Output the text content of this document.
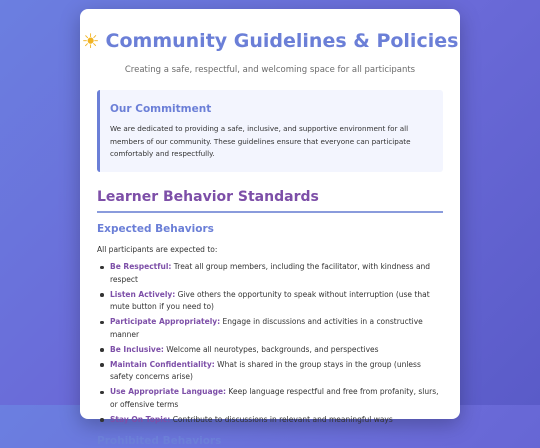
☀ Community Guidelines & Policies
Creating a safe, respectful, and welcoming space for all participants
Our Commitment

We are dedicated to providing a safe, inclusive, and supportive environment for all members of our community. These guidelines ensure that everyone can participate comfortably and respectfully.

Learner Behavior Standards
Expected Behaviors

All participants are expected to:

Be Respectful: Treat all group members, including the facilitator, with kindness and respect
Listen Actively: Give others the opportunity to speak without interruption (use that mute button if you need to)
Participate Appropriately: Engage in discussions and activities in a constructive manner
Be Inclusive: Welcome all neurotypes, backgrounds, and perspectives
Maintain Confidentiality: What is shared in the group stays in the group (unless safety concerns arise)
Use Appropriate Language: Keep language respectful and free from profanity, slurs, or offensive terms
Stay On Topic: Contribute to discussions in relevant and meaningful ways
Prohibited Behaviors
